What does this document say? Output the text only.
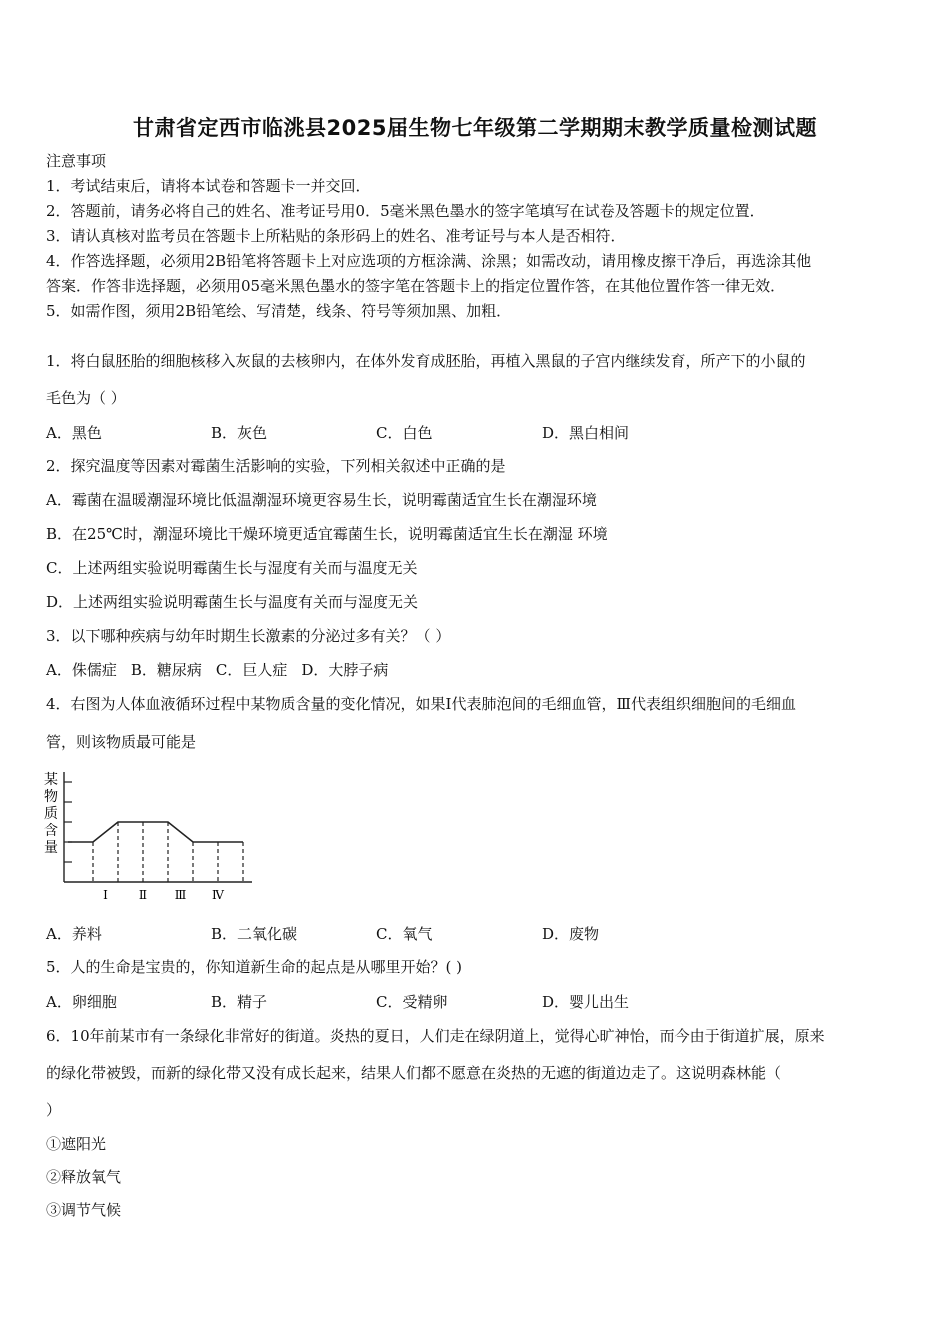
甘肃省定西市临洮县2025届生物七年级第二学期期末教学质量检测试题
注意事项
1．考试结束后，请将本试卷和答题卡一并交回．
2．答题前，请务必将自己的姓名、准考证号用0．5毫米黑色墨水的签字笔填写在试卷及答题卡的规定位置．
3．请认真核对监考员在答题卡上所粘贴的条形码上的姓名、准考证号与本人是否相符．
4．作答选择题，必须用2B铅笔将答题卡上对应选项的方框涂满、涂黑；如需改动，请用橡皮擦干净后，再选涂其他
答案．作答非选择题，必须用05毫米黑色墨水的签字笔在答题卡上的指定位置作答，在其他位置作答一律无效．
5．如需作图，须用2B铅笔绘、写清楚，线条、符号等须加黑、加粗．
1．将白鼠胚胎的细胞核移入灰鼠的去核卵内，在体外发育成胚胎，再植入黑鼠的子宫内继续发育，所产下的小鼠的
毛色为（ ）
A．黑色	B．灰色	C．白色	D．黑白相间
2．探究温度等因素对霉菌生活影响的实验，下列相关叙述中正确的是
A．霉菌在温暖潮湿环境比低温潮湿环境更容易生长，说明霉菌适宜生长在潮湿环境
B．在25℃时，潮湿环境比干燥环境更适宜霉菌生长，说明霉菌适宜生长在潮湿 环境
C．上述两组实验说明霉菌生长与湿度有关而与温度无关
D．上述两组实验说明霉菌生长与温度有关而与湿度无关
3．以下哪种疾病与幼年时期生长激素的分泌过多有关？（ ）
A．侏儒症 B．糖尿病 C．巨人症 D．大脖子病
4．右图为人体血液循环过程中某物质含量的变化情况，如果Ⅰ代表肺泡间的毛细血管，Ⅲ代表组织细胞间的毛细血
管，则该物质最可能是
某
物
质
含
量
Ⅰ	Ⅱ Ⅲ Ⅳ
A．养料	B．二氧化碳	C．氧气	D．废物
5．人的生命是宝贵的，你知道新生命的起点是从哪里开始？( )
A．卵细胞	B．精子	C．受精卵	D．婴儿出生
6．10年前某市有一条绿化非常好的街道。炎热的夏日，人们走在绿阴道上，觉得心旷神怡，而今由于街道扩展，原来
的绿化带被毁，而新的绿化带又没有成长起来，结果人们都不愿意在炎热的无遮的街道边走了。这说明森林能（
）
①遮阳光
②释放氧气
③调节气候
